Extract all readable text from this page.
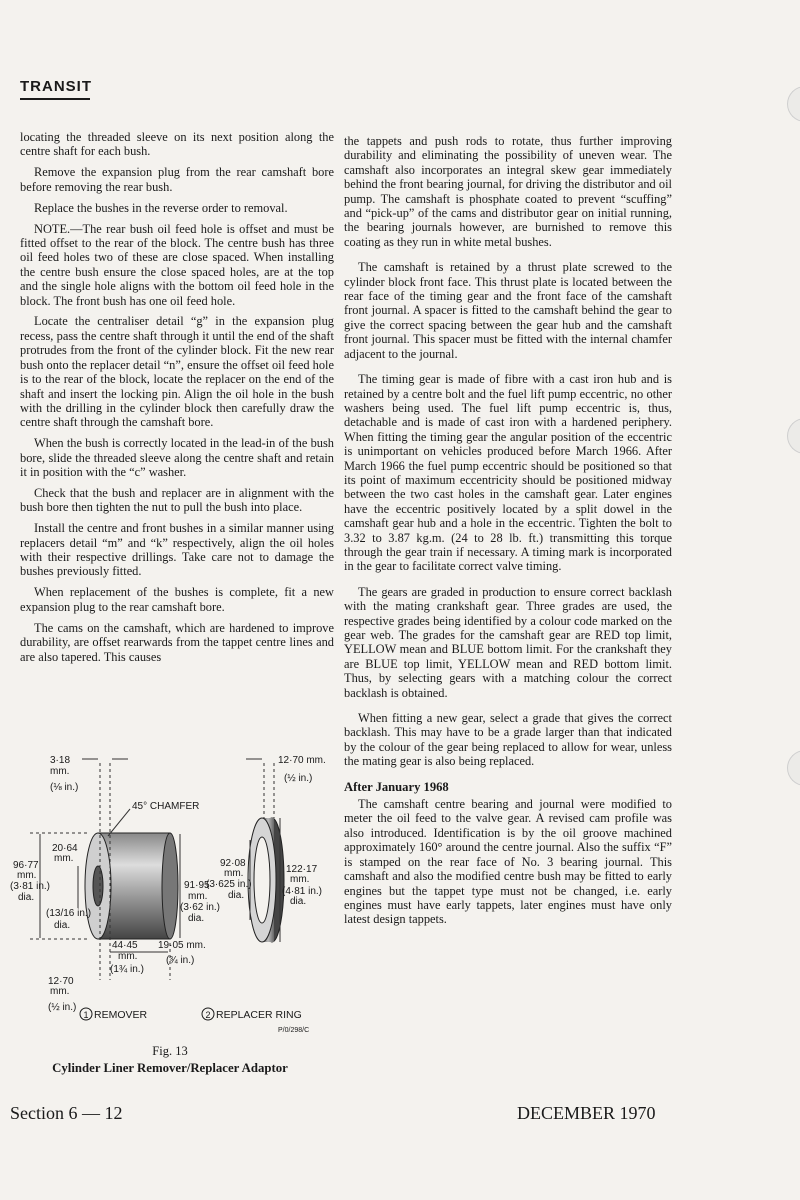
TRANSIT

locating the threaded sleeve on its next position along the centre shaft for each bush.

Remove the expansion plug from the rear camshaft bore before removing the rear bush.

Replace the bushes in the reverse order to removal.

NOTE.—The rear bush oil feed hole is offset and must be fitted offset to the rear of the block. The centre bush has three oil feed holes two of these are close spaced. When installing the centre bush ensure the close spaced holes, are at the top and the single hole aligns with the bottom oil feed hole in the block. The front bush has one oil feed hole.

Locate the centraliser detail “g” in the expansion plug recess, pass the centre shaft through it until the end of the shaft protrudes from the front of the cylinder block. Fit the new rear bush onto the replacer detail “n”, ensure the offset oil feed hole is to the rear of the block, locate the replacer on the end of the shaft and insert the locking pin. Align the oil hole in the bush with the drilling in the cylinder block then carefully draw the centre shaft through the camshaft bore.

When the bush is correctly located in the lead-in of the bush bore, slide the threaded sleeve along the centre shaft and retain it in position with the “c” washer.

Check that the bush and replacer are in alignment with the bush bore then tighten the nut to pull the bush into place.

Install the centre and front bushes in a similar manner using replacers detail “m” and “k” respectively, align the oil holes with their respective drillings. Take care not to damage the bushes previously fitted.

When replacement of the bushes is complete, fit a new expansion plug to the rear camshaft bore.

The cams on the camshaft, which are hardened to improve durability, are offset rearwards from the tappet centre lines and are also tapered. This causes

the tappets and push rods to rotate, thus further improving durability and eliminating the possibility of uneven wear. The camshaft also incorporates an integral skew gear immediately behind the front bearing journal, for driving the distributor and oil pump. The camshaft is phosphate coated to prevent “scuffing” and “pick-up” of the cams and distributor gear on initial running, the bearing journals however, are burnished to remove this coating as they run in white metal bushes.

The camshaft is retained by a thrust plate screwed to the cylinder block front face. This thrust plate is located between the rear face of the timing gear and the front face of the camshaft front journal. A spacer is fitted to the camshaft behind the gear to give the correct spacing between the gear hub and the camshaft front journal. This spacer must be fitted with the internal chamfer adjacent to the journal.

The timing gear is made of fibre with a cast iron hub and is retained by a centre bolt and the fuel lift pump eccentric, no other washers being used. The fuel lift pump eccentric is, thus, detachable and is made of cast iron with a hardened periphery. When fitting the timing gear the angular position of the eccentric is unimportant on vehicles produced before March 1966. After March 1966 the fuel pump eccentric should be positioned so that its point of maximum eccentricity should be positioned midway between the two cast holes in the camshaft gear. Later engines have the eccentric positively located by a split dowel in the camshaft gear hub and a hole in the eccentric. Tighten the bolt to 3.32 to 3.87 kg.m. (24 to 28 lb. ft.) transmitting this torque through the gear train if necessary. A timing mark is incorporated in the gear to facilitate correct valve timing.

The gears are graded in production to ensure correct backlash with the mating crankshaft gear. Three grades are used, the respective grades being identified by a colour code marked on the gear web. The grades for the camshaft gear are RED top limit, YELLOW mean and BLUE bottom limit. For the crankshaft they are BLUE top limit, YELLOW mean and RED bottom limit. Thus, by selecting gears with a matching colour the correct backlash is obtained.

When fitting a new gear, select a grade that gives the correct backlash. This may have to be a grade larger than that indicated by the colour of the gear being replaced to allow for wear, unless the mating gear is also being replaced.

After January 1968

The camshaft centre bearing and journal were modified to meter the oil feed to the valve gear. A revised cam profile was also introduced. Identification is by the oil groove machined approximately 160° around the centre journal. Also the suffix “F” is stamped on the rear face of No. 3 bearing journal. This camshaft and also the modified centre bush may be fitted to early engines but the tappet type must not be changed, i.e. early engines must have early tappets, later engines must have only latest design tappets.

3·18
mm.
(⅛ in.)
12·70 mm.
(½ in.)
45° CHAMFER
20·64
mm.
96·77
mm.
(3·81 in.)
dia.
(13/16 in.)
dia.
91·95
mm.
(3·62 in.)
dia.
92·08
mm.
(3·625 in.)
dia.
122·17
mm.
(4·81 in.)
dia.
44·45
mm.
(1¾ in.)
19·05 mm.
(¾ in.)
12·70
mm.
(½ in.)
1 REMOVER	2 REPLACER RING
P/0/298/C
Fig. 13
Cylinder Liner Remover/Replacer Adaptor
Section 6 — 12	DECEMBER 1970
